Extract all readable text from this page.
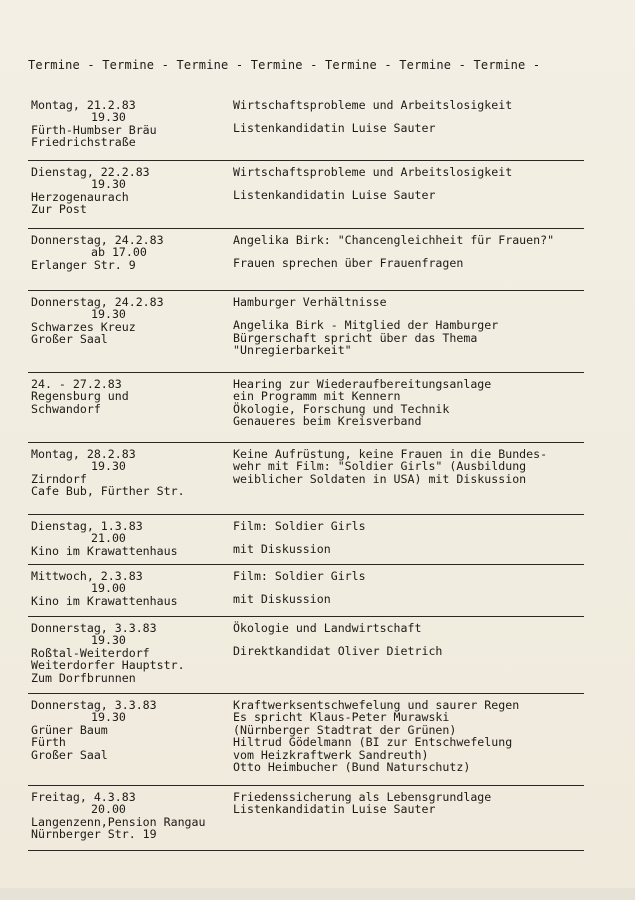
Termine - Termine - Termine - Termine - Termine - Termine - Termine -
Montag, 21.2.83
19.30
Fürth-Humbser Bräu
Friedrichstraße
Wirtschaftsprobleme und Arbeitslosigkeit
Listenkandidatin Luise Sauter
Dienstag, 22.2.83
19.30
Herzogenaurach
Zur Post
Wirtschaftsprobleme und Arbeitslosigkeit
Listenkandidatin Luise Sauter
Donnerstag, 24.2.83
ab 17.00
Erlanger Str. 9
Angelika Birk: "Chancengleichheit für Frauen?"
Frauen sprechen über Frauenfragen
Donnerstag, 24.2.83
19.30
Schwarzes Kreuz
Großer Saal
Hamburger Verhältnisse
Angelika Birk - Mitglied der Hamburger
Bürgerschaft spricht über das Thema
"Unregierbarkeit"
24. - 27.2.83
Regensburg und
Schwandorf
Hearing zur Wiederaufbereitungsanlage
ein Programm mit Kennern
Ökologie, Forschung und Technik
Genaueres beim Kreisverband
Montag, 28.2.83
19.30
Zirndorf
Cafe Bub, Fürther Str.
Keine Aufrüstung, keine Frauen in die Bundes-
wehr mit Film: "Soldier Girls" (Ausbildung
weiblicher Soldaten in USA) mit Diskussion
Dienstag, 1.3.83
21.00
Kino im Krawattenhaus
Film: Soldier Girls
mit Diskussion
Mittwoch, 2.3.83
19.00
Kino im Krawattenhaus
Film: Soldier Girls
mit Diskussion
Donnerstag, 3.3.83
19.30
Roßtal-Weiterdorf
Weiterdorfer Hauptstr.
Zum Dorfbrunnen
Ökologie und Landwirtschaft
Direktkandidat Oliver Dietrich
Donnerstag, 3.3.83
19.30
Grüner Baum
Fürth
Großer Saal
Kraftwerksentschwefelung und saurer Regen
Es spricht Klaus-Peter Murawski
(Nürnberger Stadtrat der Grünen)
Hiltrud Gödelmann (BI zur Entschwefelung
vom Heizkraftwerk Sandreuth)
Otto Heimbucher (Bund Naturschutz)
Freitag, 4.3.83
20.00
Langenzenn,Pension Rangau
Nürnberger Str. 19
Friedenssicherung als Lebensgrundlage
Listenkandidatin Luise Sauter
